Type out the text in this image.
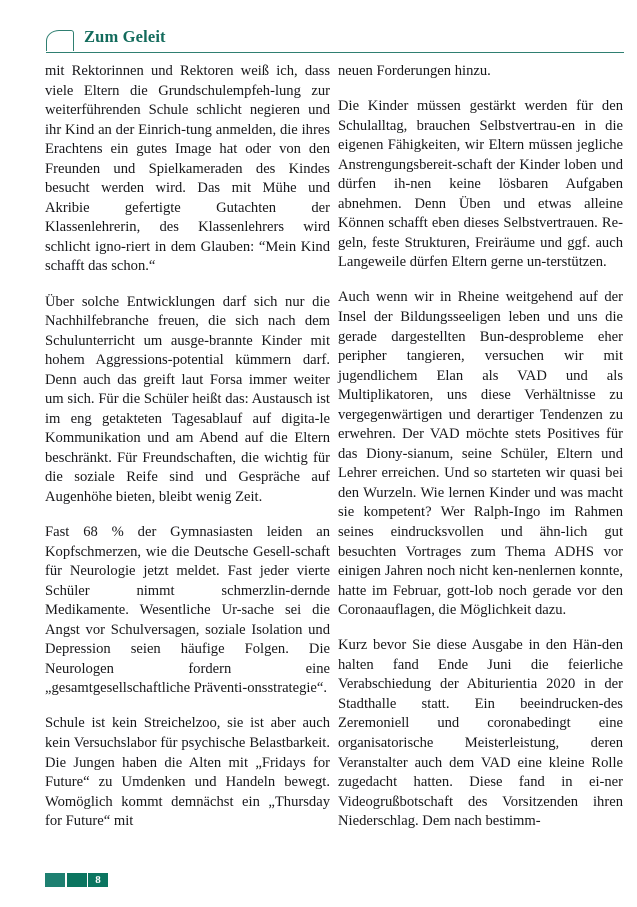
Zum Geleit

mit Rektorinnen und Rektoren weiß ich, dass viele Eltern die Grundschulempfeh-​lung zur weiterführenden Schule schlicht negieren und ihr Kind an der Einrich-​tung anmelden, die ihres Erachtens ein gutes Image hat oder von den Freunden und Spielkameraden des Kindes besucht werden wird. Das mit Mühe und Akribie gefertigte Gutachten der Klassenlehrerin, des Klassenlehrers wird schlicht igno-​riert in dem Glauben: “Mein Kind schafft das schon.“

Über solche Entwicklungen darf sich nur die Nachhilfebranche freuen, die sich nach dem Schulunterricht um ausge-​brannte Kinder mit hohem Aggressions-​potential kümmern darf. Denn auch das greift laut Forsa immer weiter um sich. Für die Schüler heißt das: Austausch ist im eng getakteten Tagesablauf auf digita-​le Kommunikation und am Abend auf die Eltern beschränkt. Für Freundschaften, die wichtig für die soziale Reife sind und Gespräche auf Augenhöhe bieten, bleibt wenig Zeit.

Fast 68 % der Gymnasiasten leiden an Kopfschmerzen, wie die Deutsche Gesell-​schaft für Neurologie jetzt meldet. Fast jeder vierte Schüler nimmt schmerzlin-​dernde Medikamente. Wesentliche Ur-​sache sei die Angst vor Schulversagen, soziale Isolation und Depression seien häufige Folgen. Die Neurologen fordern eine „gesamtgesellschaftliche Präventi-​onsstrategie“.

Schule ist kein Streichelzoo, sie ist aber auch kein Versuchslabor für psychische Belastbarkeit. Die Jungen haben die Alten mit „Fridays for Future“ zu Umdenken und Handeln bewegt. Womöglich kommt demnächst ein „Thursday for Future“ mit

neuen Forderungen hinzu.

Die Kinder müssen gestärkt werden für den Schulalltag, brauchen Selbstvertrau-​en in die eigenen Fähigkeiten, wir Eltern müssen jegliche Anstrengungsbereit-​schaft der Kinder loben und dürfen ih-​nen keine lösbaren Aufgaben abnehmen. Denn Üben und etwas alleine Können schafft eben dieses Selbstvertrauen. Re-​geln, feste Strukturen, Freiräume und ggf. auch Langeweile dürfen Eltern gerne un-​terstützen.

Auch wenn wir in Rheine weitgehend auf der Insel der Bildungsseeligen leben und uns die gerade dargestellten Bun-​desprobleme eher peripher tangieren, versuchen wir mit jugendlichem Elan als VAD und als Multiplikatoren, uns diese Verhältnisse zu vergegenwärtigen und derartiger Tendenzen zu erwehren. Der VAD möchte stets Positives für das Diony-​sianum, seine Schüler, Eltern und Lehrer erreichen. Und so starteten wir quasi bei den Wurzeln. Wie lernen Kinder und was macht sie kompetent? Wer Ralph-Ingo im Rahmen seines eindrucksvollen und ähn-​lich gut besuchten Vortrages zum Thema ADHS vor einigen Jahren noch nicht ken-​nenlernen konnte, hatte im Februar, gott-​lob noch gerade vor den Coronaauflagen, die Möglichkeit dazu.

Kurz bevor Sie diese Ausgabe in den Hän-​den halten fand Ende Juni die feierliche Verabschiedung der Abiturientia 2020 in der Stadthalle statt. Ein beeindrucken-​des Zeremoniell und coronabedingt eine organisatorische Meisterleistung, deren Veranstalter auch dem VAD eine kleine Rolle zugedacht hatten. Diese fand in ei-​ner Videogrußbotschaft des Vorsitzenden ihren Niederschlag. Dem nach bestimm-

8
